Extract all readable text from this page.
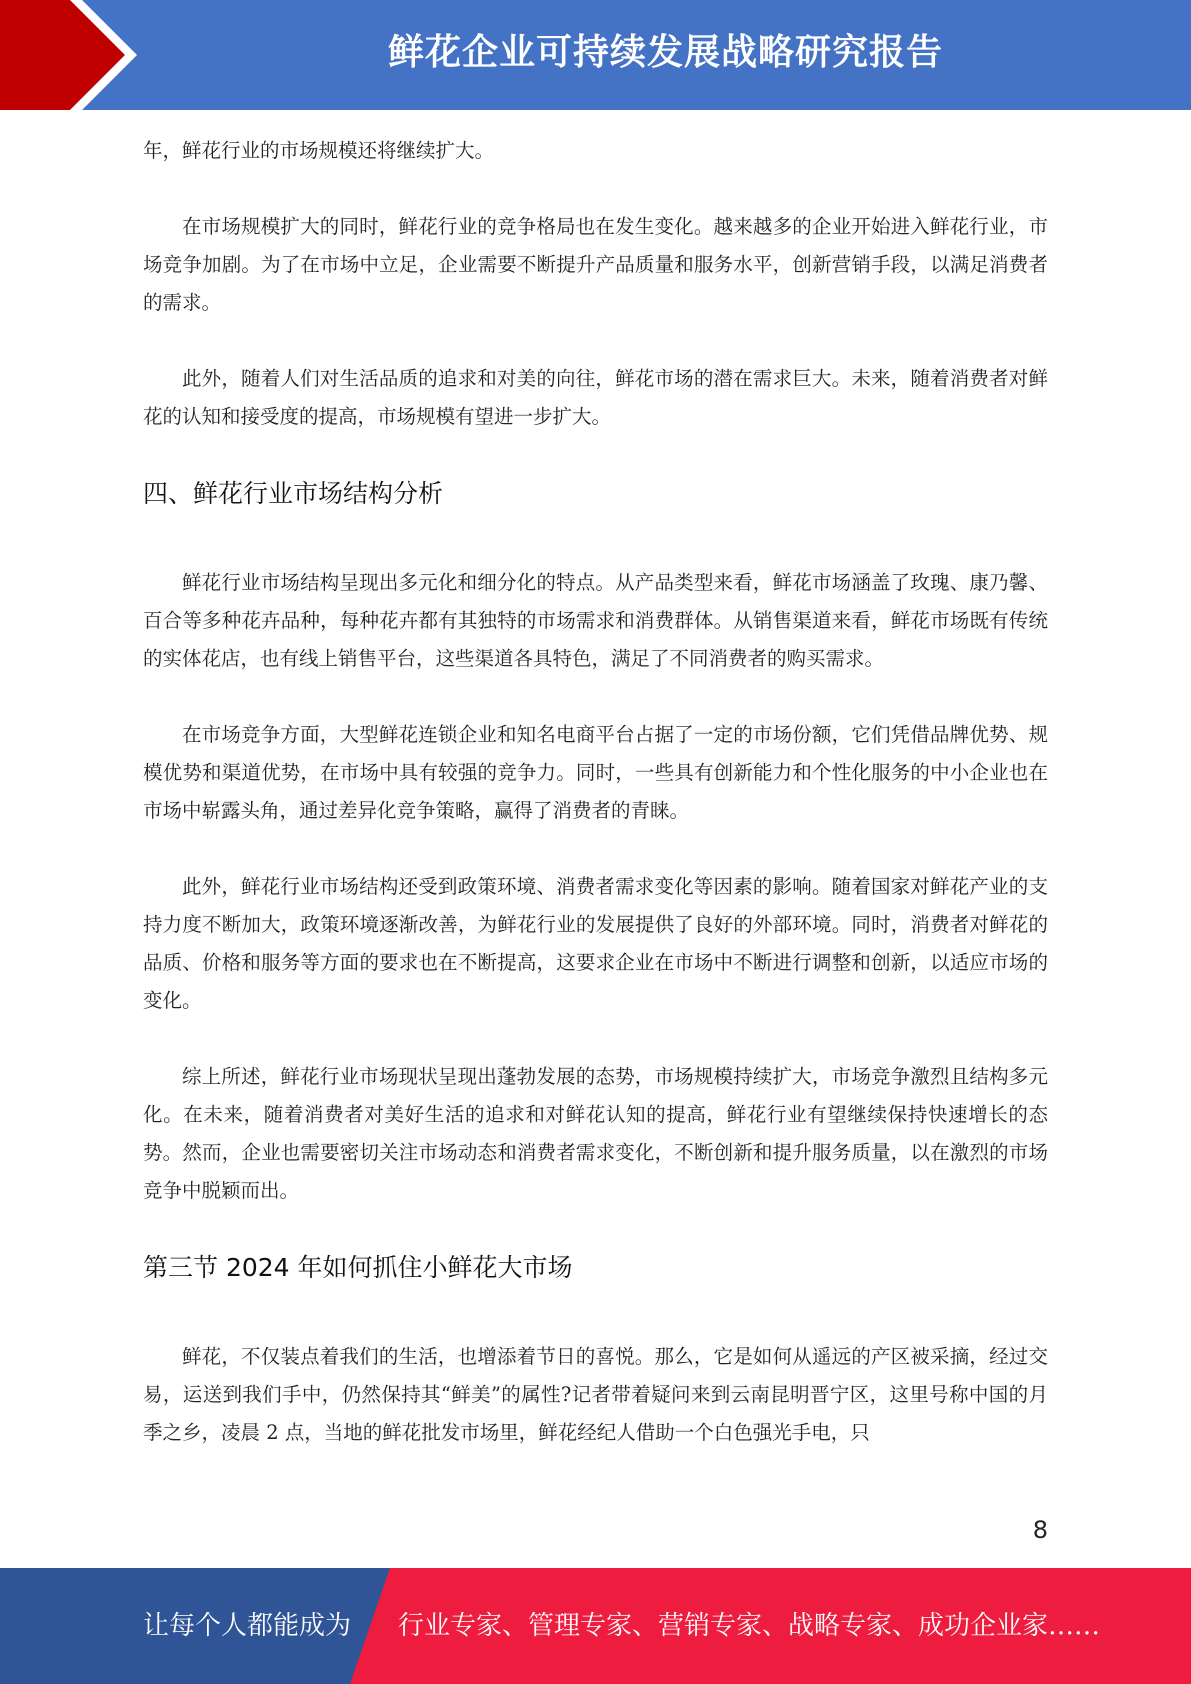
鲜花企业可持续发展战略研究报告

年，鲜花行业的市场规模还将继续扩大。

在市场规模扩大的同时，鲜花行业的竞争格局也在发生变化。越来越多的企业开始进入鲜花行业，市场竞争加剧。为了在市场中立足，企业需要不断提升产品质量和服务水平，创新营销手段，以满足消费者的需求。

此外，随着人们对生活品质的追求和对美的向往，鲜花市场的潜在需求巨大。未来，随着消费者对鲜花的认知和接受度的提高，市场规模有望进一步扩大。

四、鲜花行业市场结构分析

鲜花行业市场结构呈现出多元化和细分化的特点。从产品类型来看，鲜花市场涵盖了玫瑰、康乃馨、百合等多种花卉品种，每种花卉都有其独特的市场需求和消费群体。从销售渠道来看，鲜花市场既有传统的实体花店，也有线上销售平台，这些渠道各具特色，满足了不同消费者的购买需求。

在市场竞争方面，大型鲜花连锁企业和知名电商平台占据了一定的市场份额，它们凭借品牌优势、规模优势和渠道优势，在市场中具有较强的竞争力。同时，一些具有创新能力和个性化服务的中小企业也在市场中崭露头角，通过差异化竞争策略，赢得了消费者的青睐。

此外，鲜花行业市场结构还受到政策环境、消费者需求变化等因素的影响。随着国家对鲜花产业的支持力度不断加大，政策环境逐渐改善，为鲜花行业的发展提供了良好的外部环境。同时，消费者对鲜花的品质、价格和服务等方面的要求也在不断提高，这要求企业在市场中不断进行调整和创新，以适应市场的变化。

综上所述，鲜花行业市场现状呈现出蓬勃发展的态势，市场规模持续扩大，市场竞争激烈且结构多元化。在未来，随着消费者对美好生活的追求和对鲜花认知的提高，鲜花行业有望继续保持快速增长的态势。然而，企业也需要密切关注市场动态和消费者需求变化，不断创新和提升服务质量，以在激烈的市场竞争中脱颖而出。

第三节 2024 年如何抓住小鲜花大市场

鲜花，不仅装点着我们的生活，也增添着节日的喜悦。那么，它是如何从遥远的产区被采摘，经过交易，运送到我们手中，仍然保持其“鲜美”的属性?记者带着疑问来到云南昆明晋宁区，这里号称中国的月季之乡，凌晨 2 点，当地的鲜花批发市场里，鲜花经纪人借助一个白色强光手电，只

8
让每个人都能成为 行业专家、管理专家、营销专家、战略专家、成功企业家……
